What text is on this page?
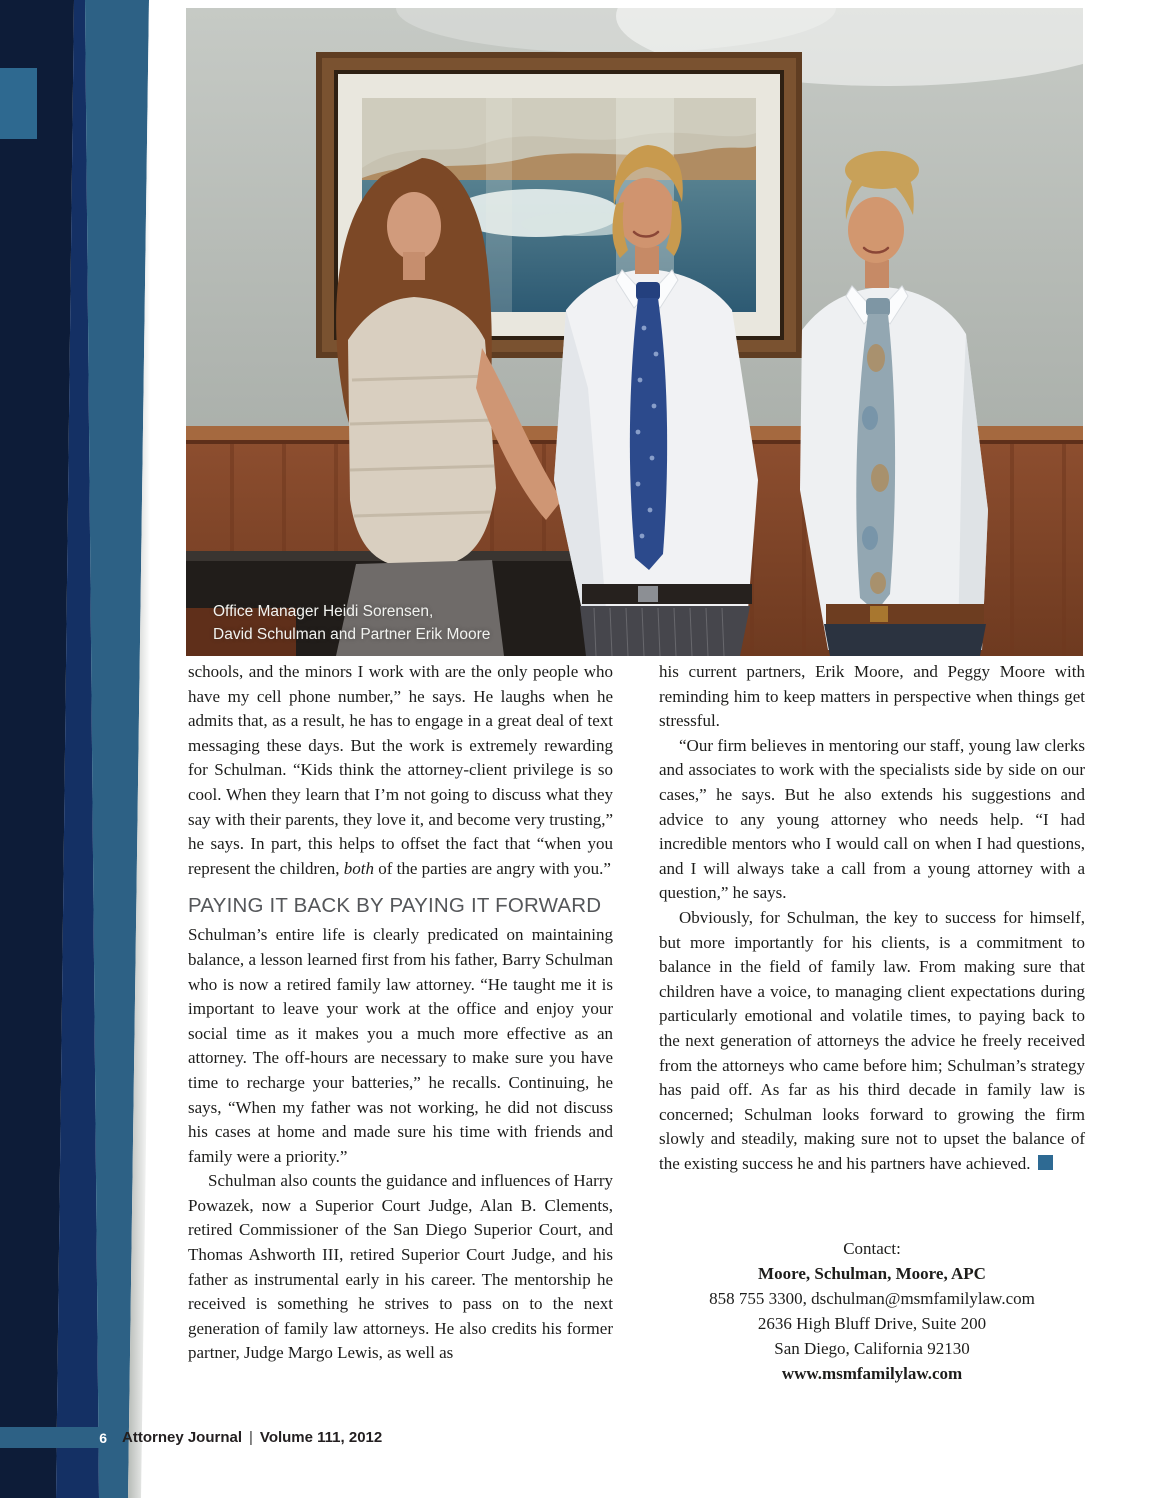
Office Manager Heidi Sorensen,
David Schulman and Partner Erik Moore

schools, and the minors I work with are the only people who have my cell phone number,” he says. He laughs when he admits that, as a result, he has to engage in a great deal of text messaging these days. But the work is extremely rewarding for Schulman. “Kids think the attorney-client privilege is so cool. When they learn that I’m not going to discuss what they say with their parents, they love it, and become very trusting,” he says. In part, this helps to offset the fact that “when you represent the children, both of the parties are angry with you.”

PAYING IT BACK BY PAYING IT FORWARD

Schulman’s entire life is clearly predicated on maintaining balance, a lesson learned first from his father, Barry Schulman who is now a retired family law attorney. “He taught me it is important to leave your work at the office and enjoy your social time as it makes you a much more effective as an attorney. The off-hours are necessary to make sure you have time to recharge your batteries,” he recalls. Continuing, he says, “When my father was not working, he did not discuss his cases at home and made sure his time with friends and family were a priority.”

Schulman also counts the guidance and influences of Harry Powazek, now a Superior Court Judge, Alan B. Clements, retired Commissioner of the San Diego Superior Court, and Thomas Ashworth III, retired Superior Court Judge, and his father as instrumental early in his career. The mentorship he received is something he strives to pass on to the next generation of family law attorneys. He also credits his former partner, Judge Margo Lewis, as well as

his current partners, Erik Moore, and Peggy Moore with reminding him to keep matters in perspective when things get stressful.

“Our firm believes in mentoring our staff, young law clerks and associates to work with the specialists side by side on our cases,” he says. But he also extends his suggestions and advice to any young attorney who needs help. “I had incredible mentors who I would call on when I had questions, and I will always take a call from a young attorney with a question,” he says.

Obviously, for Schulman, the key to success for himself, but more importantly for his clients, is a commitment to balance in the field of family law. From making sure that children have a voice, to managing client expectations during particularly emotional and volatile times, to paying back to the next generation of attorneys the advice he freely received from the attorneys who came before him; Schulman’s strategy has paid off. As far as his third decade in family law is concerned; Schulman looks forward to growing the firm slowly and steadily, making sure not to upset the balance of the existing success he and his partners have achieved.

Contact:
Moore, Schulman, Moore, APC
858 755 3300, dschulman@msmfamilylaw.com
2636 High Bluff Drive, Suite 200
San Diego, California 92130
www.msmfamilylaw.com
6 Attorney Journal | Volume 111, 2012
